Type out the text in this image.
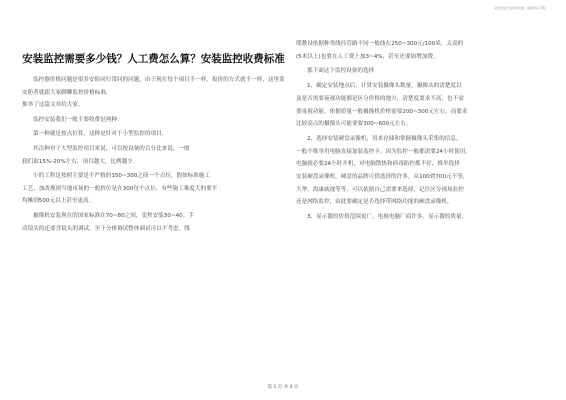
文档可能无法思考全面，请浏览后下载！
安装监控需要多少钱？人工费怎么算？安装监控收费标准

监控器价格问题是很多安防同行常问的问题，由于现在每个项目不一样，报价的方式就不一样，这里监安防者就跟大家聊聊监控价格标准，

推举了这篇文章给大家。

监控安装我们一般主要收费是两种：

第一种就是按点位算，这种是针对于小型监控的项目。

其次种对于大型监控项目来说，可以按设备的百分比来说，一般

我们取15%-20%左右，项目越大，比例越少。

小的工程是按照主要是不严格的150~300之间一个点位，假如标准施工

工艺，加改规则当地市场的一般价位是在300每个点位，有些施工难度大的要平

均摊到500元以上甚至更高。

摄像机安装现在的国家标准在70~80之间，变焦安装30~40。手

动镜头的还要含镜头的调试。至于分体调试整体调试可以不考虑。线

缆敷设依据种类线径管路不同一般线在250~300元/100米，太高的

(5米以上)也要在人工费上加3~4%，甚至还要加增加费。

那下面这下监控设备的选择

1、确定安装地点后，计算安装摄像头数量，摄像头的清楚度以

及是否需要夜视功能都是区分价格的地方，清楚度要求不高，也不需

要夜视功能，依据质量一般摄像机价格需要200~300元左右，而要求

比较高点的摄像头可能要要300~600元左右。

2、选择安装硬盘录像机，用来存储和掌握摄像头采集的信息，

一般不推举用电脑直接加装监控卡，因为监控一般都需要24小时使用，

电脑就必要24小时开机，对电脑散热和病毒防控都不好，推举选择

安装硬盘录像机，硬盘的品牌可供选择的许多，从100到700元不等，

大华、海康威视等等，可以依据自己需要来选择，记住区分视场监控

还是网络监控，由此要确定是否选择带网络功能的硬盘录像机。

3、显示器的价格范围更广，电视电脑厂商许多，显示器的质量、

第 1 页 共 4 页
